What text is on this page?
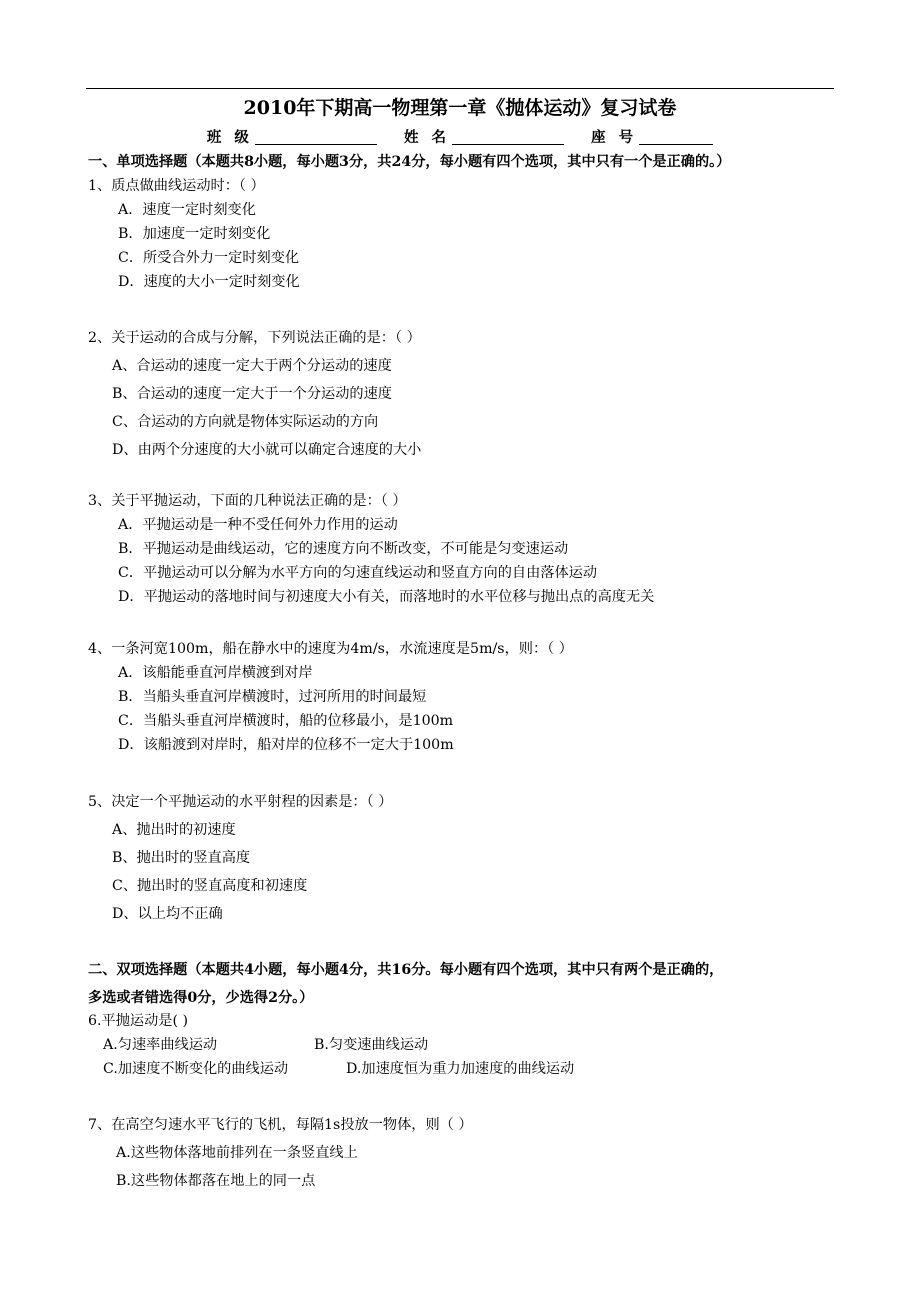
2010年下期高一物理第一章《抛体运动》复习试卷
班 级	姓 名	座 号
一、单项选择题（本题共8小题，每小题3分，共24分，每小题有四个选项，其中只有一个是正确的。）
1、质点做曲线运动时：（ ）
A．速度一定时刻变化
B．加速度一定时刻变化
C．所受合外力一定时刻变化
D．速度的大小一定时刻变化
2、关于运动的合成与分解，下列说法正确的是：（ ）
A、合运动的速度一定大于两个分运动的速度
B、合运动的速度一定大于一个分运动的速度
C、合运动的方向就是物体实际运动的方向
D、由两个分速度的大小就可以确定合速度的大小
3、关于平抛运动，下面的几种说法正确的是：（ ）
A．平抛运动是一种不受任何外力作用的运动
B．平抛运动是曲线运动，它的速度方向不断改变，不可能是匀变速运动
C．平抛运动可以分解为水平方向的匀速直线运动和竖直方向的自由落体运动
D．平抛运动的落地时间与初速度大小有关，而落地时的水平位移与抛出点的高度无关
4、一条河宽100m，船在静水中的速度为4m/s，水流速度是5m/s，则：（ ）
A．该船能垂直河岸横渡到对岸
B．当船头垂直河岸横渡时，过河所用的时间最短
C．当船头垂直河岸横渡时，船的位移最小，是100m
D．该船渡到对岸时，船对岸的位移不一定大于100m
5、决定一个平抛运动的水平射程的因素是：（ ）
A、抛出时的初速度
B、抛出时的竖直高度
C、抛出时的竖直高度和初速度
D、以上均不正确
二、双项选择题（本题共4小题，每小题4分，共16分。每小题有四个选项，其中只有两个是正确的，
多选或者错选得0分，少选得2分。）
6.平抛运动是( )
A.匀速率曲线运动	B.匀变速曲线运动
C.加速度不断变化的曲线运动	D.加速度恒为重力加速度的曲线运动
7、在高空匀速水平飞行的飞机，每隔1s投放一物体，则（ ）
A.这些物体落地前排列在一条竖直线上
B.这些物体都落在地上的同一点
